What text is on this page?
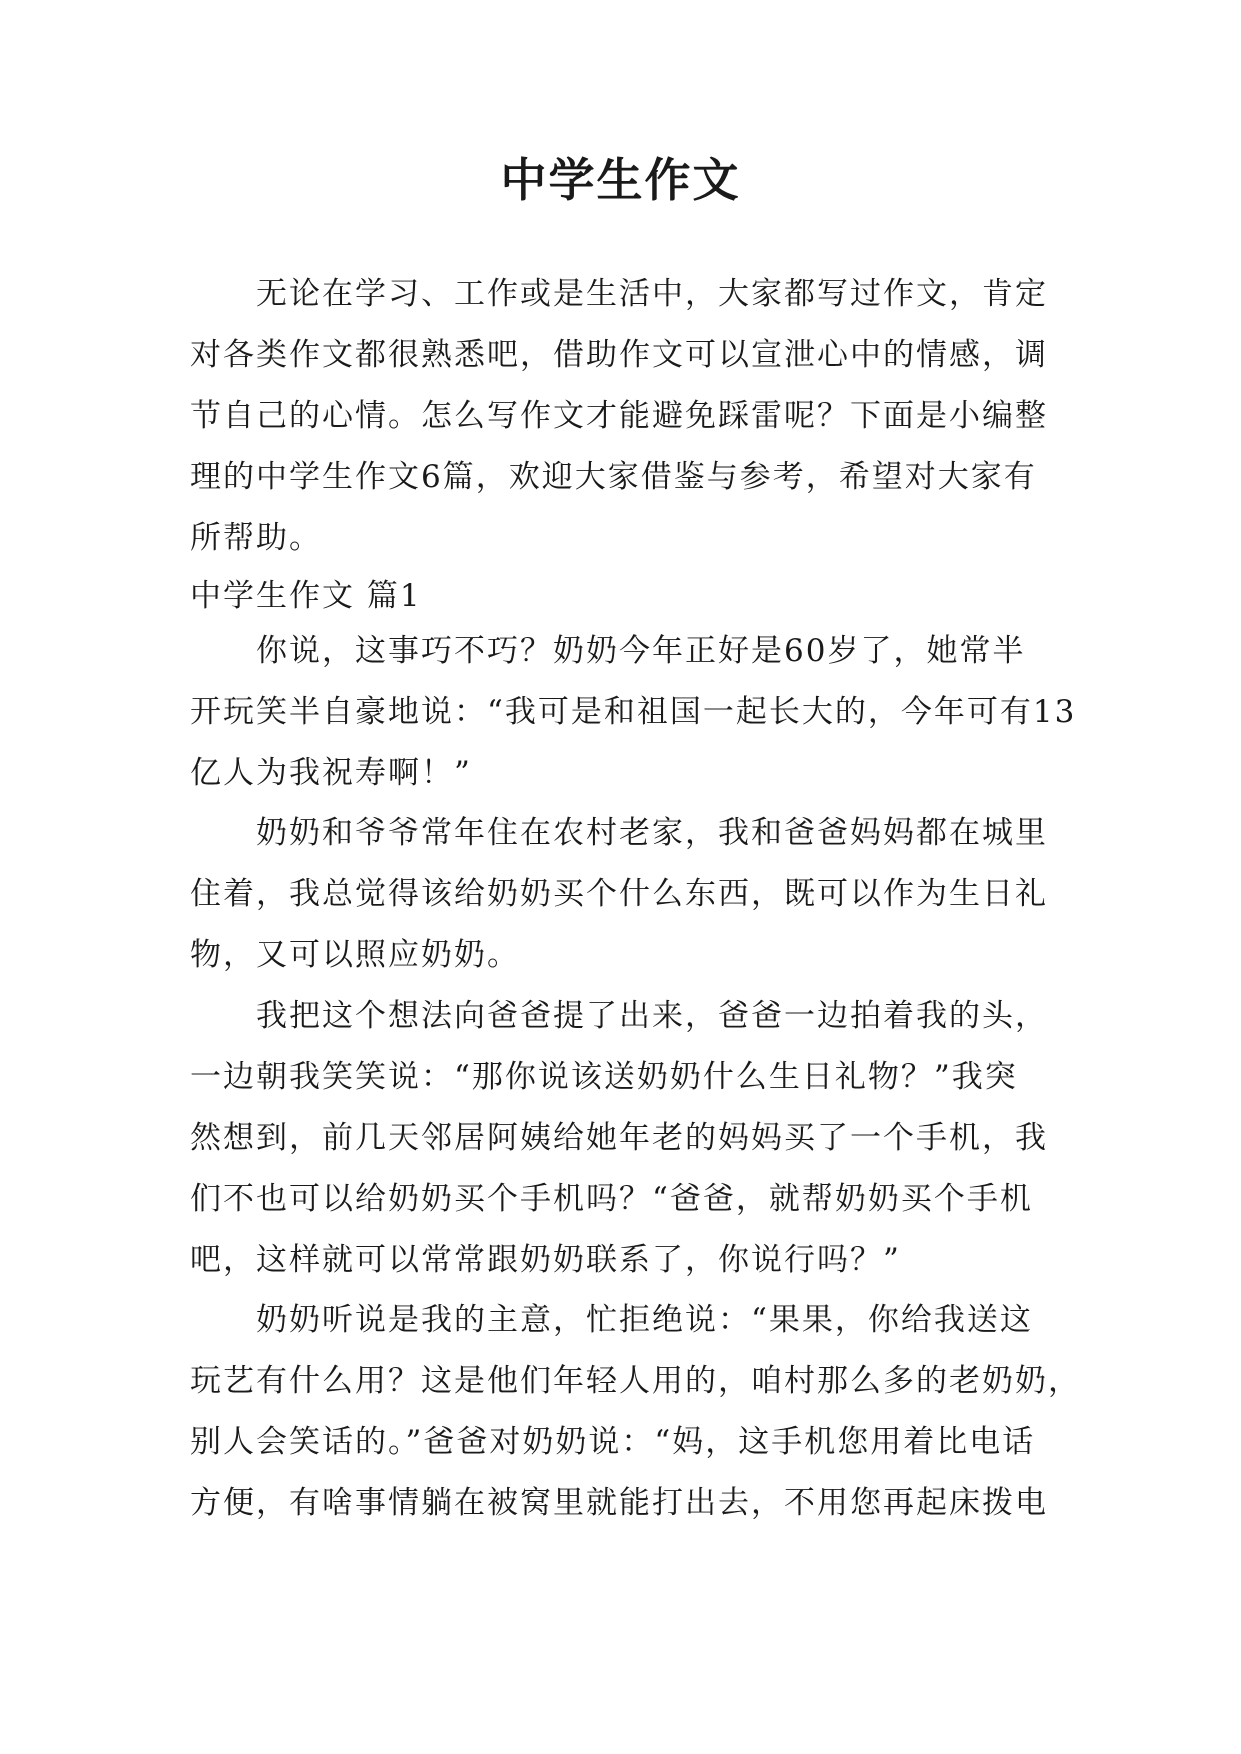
中学生作文
无论在学习、工作或是生活中，大家都写过作文，肯定
对各类作文都很熟悉吧，借助作文可以宣泄心中的情感，调
节自己的心情。怎么写作文才能避免踩雷呢？下面是小编整
理的中学生作文6篇，欢迎大家借鉴与参考，希望对大家有
所帮助。
中学生作文 篇1
你说，这事巧不巧？奶奶今年正好是60岁了，她常半
开玩笑半自豪地说：“我可是和祖国一起长大的，今年可有13
亿人为我祝寿啊！”
奶奶和爷爷常年住在农村老家，我和爸爸妈妈都在城里
住着，我总觉得该给奶奶买个什么东西，既可以作为生日礼
物，又可以照应奶奶。
我把这个想法向爸爸提了出来，爸爸一边拍着我的头，
一边朝我笑笑说：“那你说该送奶奶什么生日礼物？”我突
然想到，前几天邻居阿姨给她年老的妈妈买了一个手机，我
们不也可以给奶奶买个手机吗？“爸爸，就帮奶奶买个手机
吧，这样就可以常常跟奶奶联系了，你说行吗？”
奶奶听说是我的主意，忙拒绝说：“果果，你给我送这
玩艺有什么用？这是他们年轻人用的，咱村那么多的老奶奶，
别人会笑话的。”爸爸对奶奶说：“妈，这手机您用着比电话
方便，有啥事情躺在被窝里就能打出去，不用您再起床拨电
